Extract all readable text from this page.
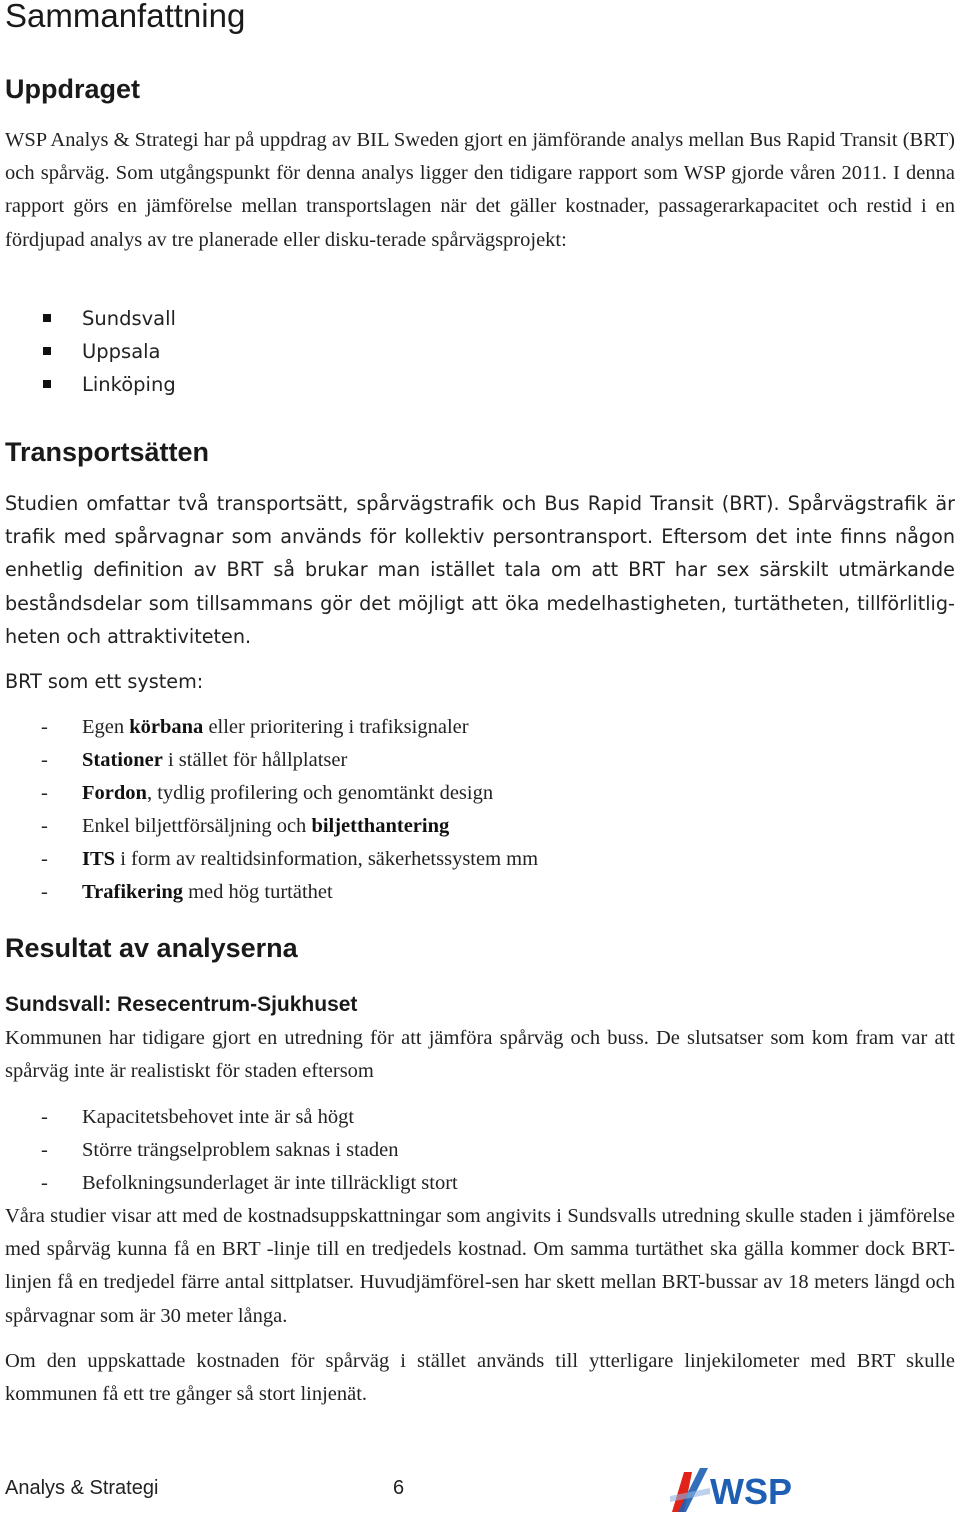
Sammanfattning
Uppdraget

WSP Analys & Strategi har på uppdrag av BIL Sweden gjort en jämförande analys mellan Bus Rapid Transit (BRT) och spårväg. Som utgångspunkt för denna analys ligger den tidigare rapport som WSP gjorde våren 2011. I denna rapport görs en jämförelse mellan transportslagen när det gäller kostnader, passagerarkapacitet och restid i en fördjupad analys av tre planerade eller disku-terade spårvägsprojekt:

Sundsvall
Uppsala
Linköping
Transportsätten

Studien omfattar två transportsätt, spårvägstrafik och Bus Rapid Transit (BRT). Spårvägstrafik är trafik med spårvagnar som används för kollektiv persontransport. Eftersom det inte finns någon enhetlig definition av BRT så brukar man istället tala om att BRT har sex särskilt utmärkande beståndsdelar som tillsammans gör det möjligt att öka medelhastigheten, turtätheten, tillförlitlig-heten och attraktiviteten.

BRT som ett system:

- Egen körbana eller prioritering i trafiksignaler
- Stationer i stället för hållplatser
- Fordon, tydlig profilering och genomtänkt design
- Enkel biljettförsäljning och biljetthantering
- ITS i form av realtidsinformation, säkerhetssystem mm
- Trafikering med hög turtäthet
Resultat av analyserna
Sundsvall: Resecentrum-Sjukhuset

Kommunen har tidigare gjort en utredning för att jämföra spårväg och buss. De slutsatser som kom fram var att spårväg inte är realistiskt för staden eftersom

- Kapacitetsbehovet inte är så högt
- Större trängselproblem saknas i staden
- Befolkningsunderlaget är inte tillräckligt stort

Våra studier visar att med de kostnadsuppskattningar som angivits i Sundsvalls utredning skulle staden i jämförelse med spårväg kunna få en BRT -linje till en tredjedels kostnad. Om samma turtäthet ska gälla kommer dock BRT-linjen få en tredjedel färre antal sittplatser. Huvudjämförel-sen har skett mellan BRT-bussar av 18 meters längd och spårvagnar som är 30 meter långa.

Om den uppskattade kostnaden för spårväg i stället används till ytterligare linjekilometer med BRT skulle kommunen få ett tre gånger så stort linjenät.

Analys & Strategi	6	WSP
